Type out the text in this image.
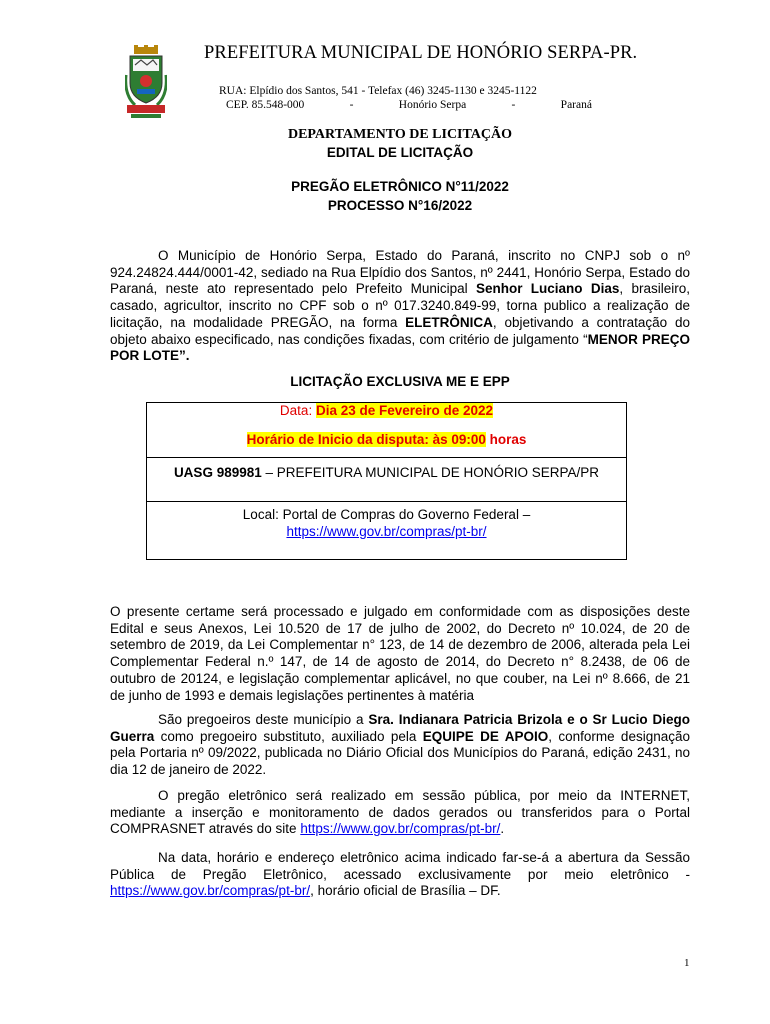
PREFEITURA MUNICIPAL DE HONÓRIO SERPA-PR.
RUA: Elpídio dos Santos, 541 - Telefax (46) 3245-1130 e 3245-1122
CEP. 85.548-000	-	Honório Serpa	-	Paraná
DEPARTAMENTO DE LICITAÇÃO
EDITAL DE LICITAÇÃO
PREGÃO ELETRÔNICO N°11/2022
PROCESSO N°16/2022
O Município de Honório Serpa, Estado do Paraná, inscrito no CNPJ sob o nº 924.24824.444/0001-42, sediado na Rua Elpídio dos Santos, nº 2441, Honório Serpa, Estado do Paraná, neste ato representado pelo Prefeito Municipal Senhor Luciano Dias, brasileiro, casado, agricultor, inscrito no CPF sob o nº 017.3240.849-99, torna publico a realização de licitação, na modalidade PREGÃO, na forma ELETRÔNICA, objetivando a contratação do objeto abaixo especificado, nas condições fixadas, com critério de julgamento “MENOR PREÇO POR LOTE”.
LICITAÇÃO EXCLUSIVA ME E EPP
Data: Dia 23 de Fevereiro de 2022
Horário de Inicio da disputa: às 09:00 horas
UASG 989981 – PREFEITURA MUNICIPAL DE HONÓRIO SERPA/PR
Local: Portal de Compras do Governo Federal –
https://www.gov.br/compras/pt-br/
O presente certame será processado e julgado em conformidade com as disposições deste Edital e seus Anexos, Lei 10.520 de 17 de julho de 2002, do Decreto nº 10.024, de 20 de setembro de 2019, da Lei Complementar n° 123, de 14 de dezembro de 2006, alterada pela Lei Complementar Federal n.º 147, de 14 de agosto de 2014, do Decreto n° 8.2438, de 06 de outubro de 20124, e legislação complementar aplicável, no que couber, na Lei nº 8.666, de 21 de junho de 1993 e demais legislações pertinentes à matéria
São pregoeiros deste município a Sra. Indianara Patricia Brizola e o Sr Lucio Diego Guerra como pregoeiro substituto, auxiliado pela EQUIPE DE APOIO, conforme designação pela Portaria nº 09/2022, publicada no Diário Oficial dos Municípios do Paraná, edição 2431, no dia 12 de janeiro de 2022.
O pregão eletrônico será realizado em sessão pública, por meio da INTERNET, mediante a inserção e monitoramento de dados gerados ou transferidos para o Portal COMPRASNET através do site https://www.gov.br/compras/pt-br/.
Na data, horário e endereço eletrônico acima indicado far-se-á a abertura da Sessão Pública de Pregão Eletrônico, acessado exclusivamente por meio eletrônico - https://www.gov.br/compras/pt-br/, horário oficial de Brasília – DF.
1
